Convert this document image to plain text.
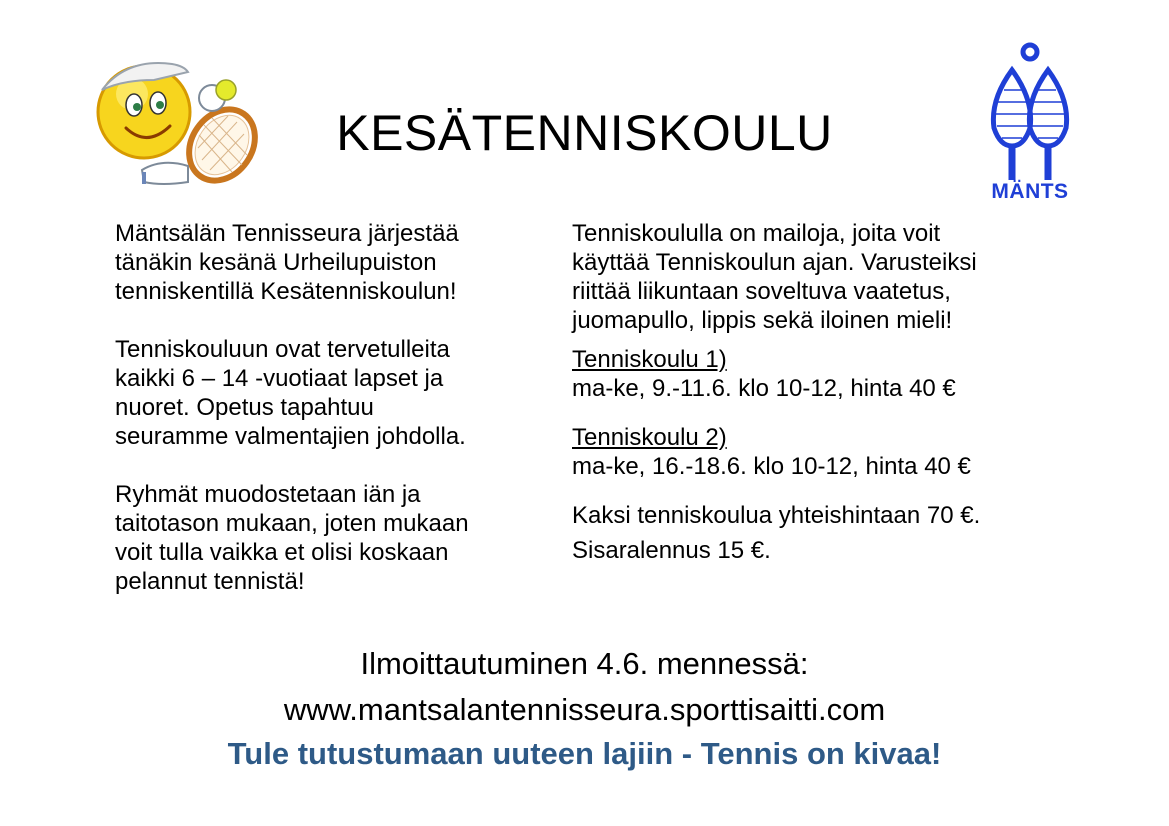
KESÄTENNISKOULU
MÄNTS

Mäntsälän Tennisseura järjestää

tänäkin kesänä Urheilupuiston

tenniskentillä Kesätenniskoulun!

Tenniskouluun ovat tervetulleita

kaikki 6 – 14 -vuotiaat lapset ja

nuoret. Opetus tapahtuu

seuramme valmentajien johdolla.

Ryhmät muodostetaan iän ja

taitotason mukaan, joten mukaan

voit tulla vaikka et olisi koskaan

pelannut tennistä!

Tenniskoululla on mailoja, joita voit

käyttää Tenniskoulun ajan. Varusteiksi

riittää liikuntaan soveltuva vaatetus,

juomapullo, lippis sekä iloinen mieli!

Tenniskoulu 1)

ma-ke, 9.-11.6. klo 10-12, hinta 40 €

Tenniskoulu 2)

ma-ke, 16.-18.6. klo 10-12, hinta 40 €

Kaksi tenniskoulua yhteishintaan 70 €.

Sisaralennus 15 €.

Ilmoittautuminen 4.6. mennessä:
www.mantsalantennisseura.sporttisaitti.com
Tule tutustumaan uuteen lajiin - Tennis on kivaa!
